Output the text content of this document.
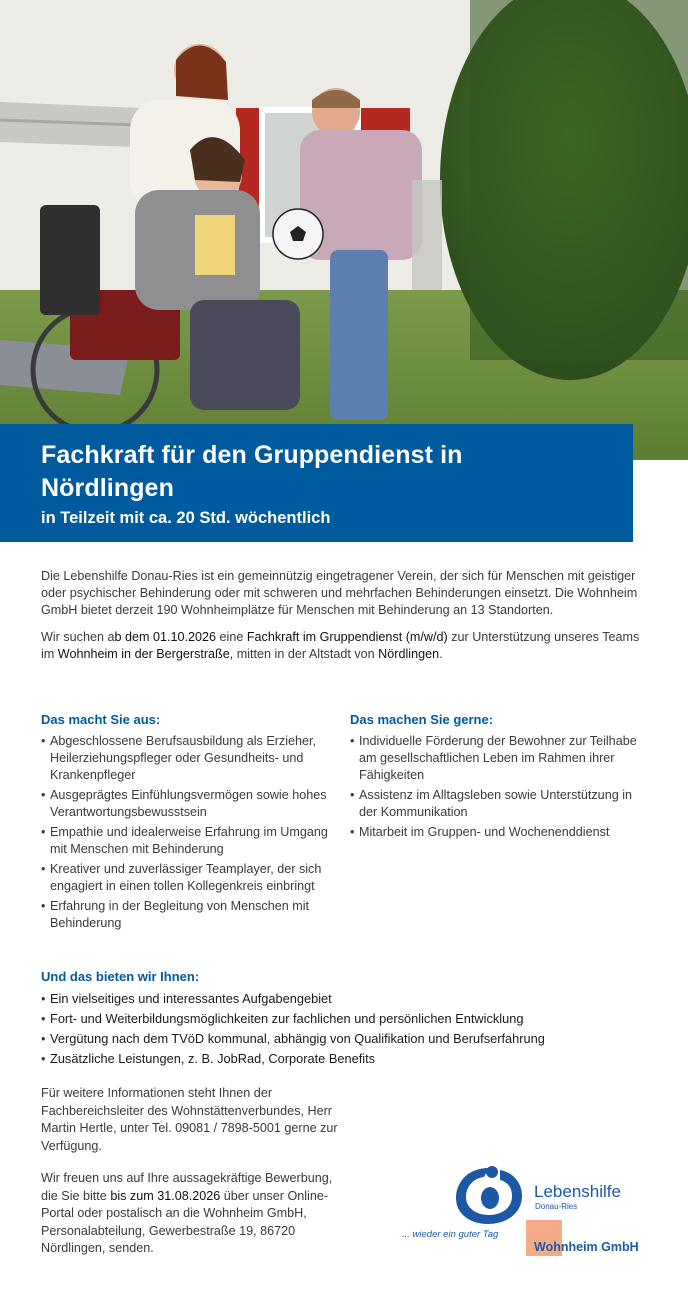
Fachkraft für den Gruppendienst in Nördlingen
in Teilzeit mit ca. 20 Std. wöchentlich

Die Lebenshilfe Donau-Ries ist ein gemeinnützig eingetragener Verein, der sich für Menschen mit geistiger oder psychischer Behinderung oder mit schweren und mehrfachen Behinderungen einsetzt. Die Wohnheim GmbH bietet derzeit 190 Wohnheimplätze für Menschen mit Behinderung an 13 Standorten.

Wir suchen ab dem 01.10.2026 eine Fachkraft im Gruppendienst (m/w/d) zur Unterstützung unseres Teams im Wohnheim in der Bergerstraße, mitten in der Altstadt von Nördlingen.

Das macht Sie aus:
• Abgeschlossene Berufsausbildung als Erzieher, Heilerziehungspfleger oder Gesundheits- und Krankenpfleger
• Ausgeprägtes Einfühlungsvermögen sowie hohes Verantwortungsbewusstsein
• Empathie und idealerweise Erfahrung im Umgang mit Menschen mit Behinderung
• Kreativer und zuverlässiger Teamplayer, der sich engagiert in einen tollen Kollegenkreis einbringt
• Erfahrung in der Begleitung von Menschen mit Behinderung
Das machen Sie gerne:
• Individuelle Förderung der Bewohner zur Teilhabe am gesellschaftlichen Leben im Rahmen ihrer Fähigkeiten
• Assistenz im Alltagsleben sowie Unterstützung in der Kommunikation
• Mitarbeit im Gruppen- und Wochenenddienst
Und das bieten wir Ihnen:
• Ein vielseitiges und interessantes Aufgabengebiet
• Fort- und Weiterbildungsmöglichkeiten zur fachlichen und persönlichen Entwicklung
• Vergütung nach dem TVöD kommunal, abhängig von Qualifikation und Berufserfahrung
• Zusätzliche Leistungen, z. B. JobRad, Corporate Benefits

Für weitere Informationen steht Ihnen der Fachbereichsleiter des Wohnstättenverbundes, Herr Martin Hertle, unter Tel. 09081 / 7898-5001 gerne zur Verfügung.

Wir freuen uns auf Ihre aussagekräftige Bewerbung, die Sie bitte bis zum 31.08.2026 über unser Online-Portal oder postalisch an die Wohnheim GmbH, Personalabteilung, Gewerbestraße 19, 86720 Nördlingen, senden.

Lebenshilfe
Donau-Ries
... wieder ein guter Tag
Wohnheim GmbH
